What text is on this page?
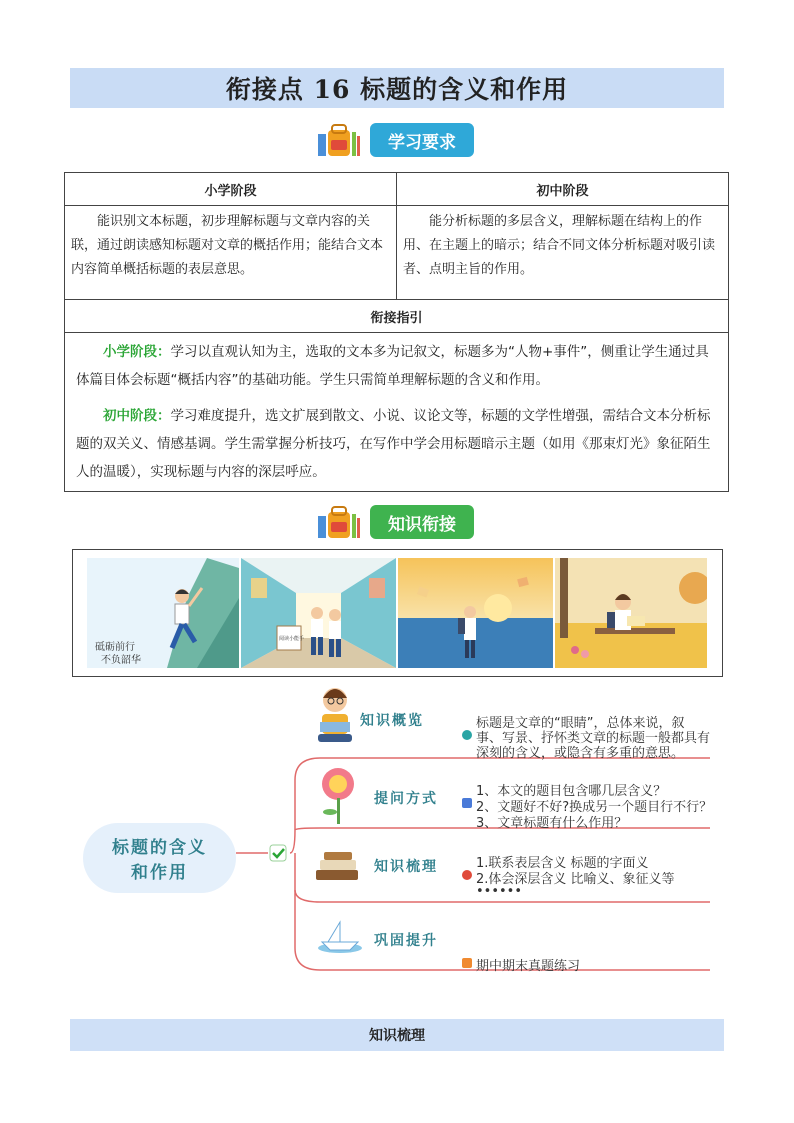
衔接点 16 标题的含义和作用
学习要求
小学阶段	初中阶段
能识别文本标题，初步理解标题与文章内容的关联，通过朗读感知标题对文章的概括作用；能结合文本内容简单概括标题的表层意思。	能分析标题的多层含义，理解标题在结构上的作用、在主题上的暗示；结合不同文体分析标题对吸引读者、点明主旨的作用。
衔接指引	

小学阶段：学习以直观认知为主，选取的文本多为记叙文，标题多为“人物+事件”，侧重让学生通过具体篇目体会标题“概括内容”的基础功能。学生只需简单理解标题的含义和作用。

初中阶段：学习难度提升，选文扩展到散文、小说、议论文等，标题的文学性增强，需结合文本分析标题的双关义、情感基调。学生需掌握分析技巧，在写作中学会用标题暗示主题（如用《那束灯光》象征陌生人的温暖），实现标题与内容的深层呼应。	

知识衔接
砥砺前行
不负韶华
阅读小能手
标题的含义
和作用
知识概览	标题是文章的“眼睛”，总体来说，叙
事、写景、抒怀类文章的标题一般都具有
深刻的含义，或隐含有多重的意思。
提问方式	1、本文的题目包含哪几层含义？
2、文题好不好?换成另一个题目行不行？
3、文章标题有什么作用？
知识梳理	1.联系表层含义 标题的字面义
2.体会深层含义 比喻义、象征义等
••••••
巩固提升
期中期末真题练习
知识梳理
